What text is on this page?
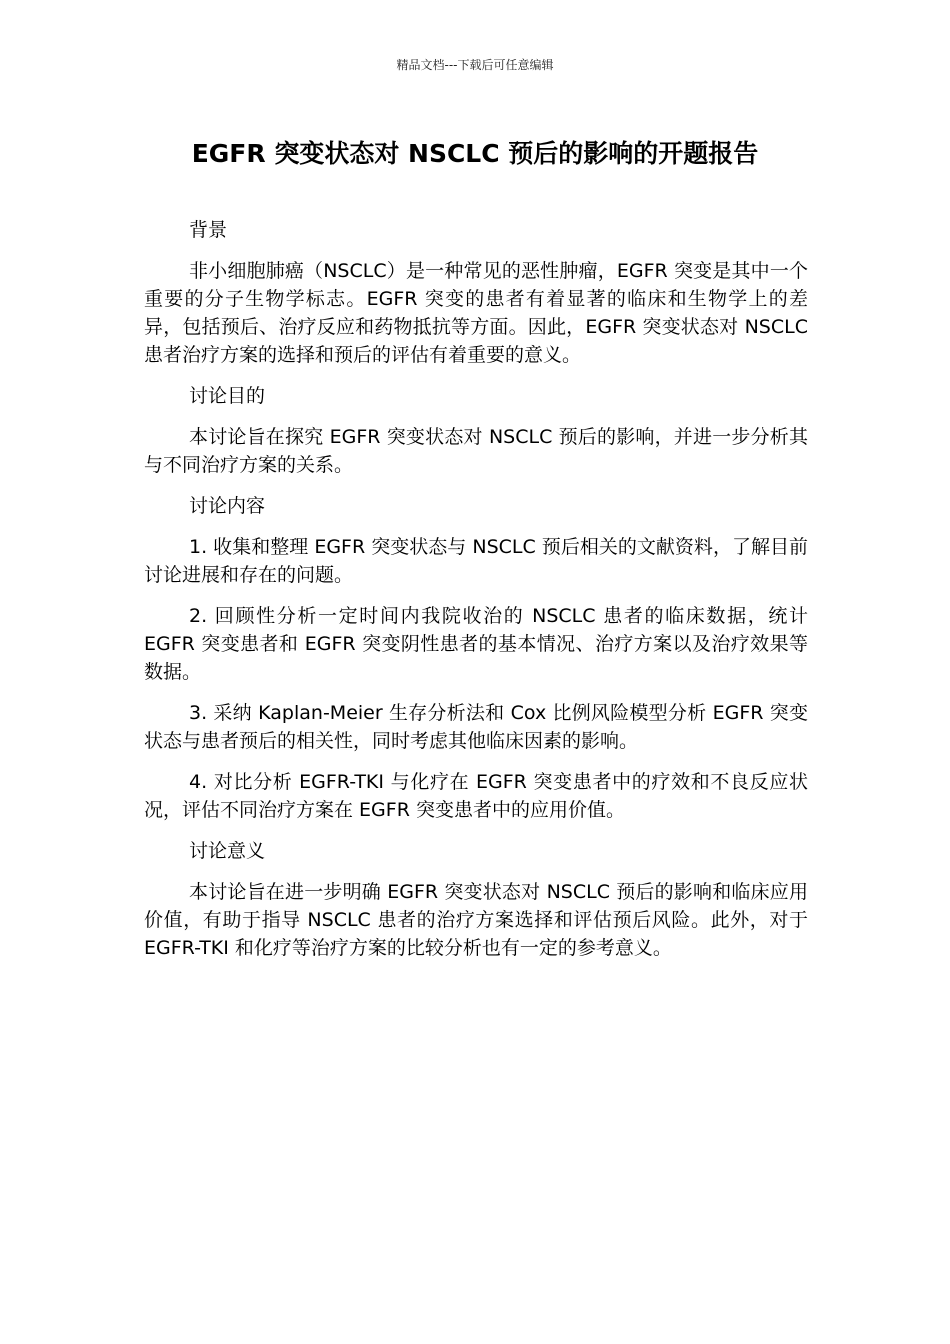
精品文档---下载后可任意编辑
EGFR 突变状态对 NSCLC 预后的影响的开题报告

背景

非小细胞肺癌（NSCLC）是一种常见的恶性肿瘤，EGFR 突变是其中一个重要的分子生物学标志。EGFR 突变的患者有着显著的临床和生物学上的差异，包括预后、治疗反应和药物抵抗等方面。因此，EGFR 突变状态对 NSCLC 患者治疗方案的选择和预后的评估有着重要的意义。

讨论目的

本讨论旨在探究 EGFR 突变状态对 NSCLC 预后的影响，并进一步分析其与不同治疗方案的关系。

讨论内容

1. 收集和整理 EGFR 突变状态与 NSCLC 预后相关的文献资料，了解目前讨论进展和存在的问题。

2. 回顾性分析一定时间内我院收治的 NSCLC 患者的临床数据，统计 EGFR 突变患者和 EGFR 突变阴性患者的基本情况、治疗方案以及治疗效果等数据。

3. 采纳 Kaplan-Meier 生存分析法和 Cox 比例风险模型分析 EGFR 突变状态与患者预后的相关性，同时考虑其他临床因素的影响。

4. 对比分析 EGFR-TKI 与化疗在 EGFR 突变患者中的疗效和不良反应状况，评估不同治疗方案在 EGFR 突变患者中的应用价值。

讨论意义

本讨论旨在进一步明确 EGFR 突变状态对 NSCLC 预后的影响和临床应用价值，有助于指导 NSCLC 患者的治疗方案选择和评估预后风险。此外，对于 EGFR-TKI 和化疗等治疗方案的比较分析也有一定的参考意义。
